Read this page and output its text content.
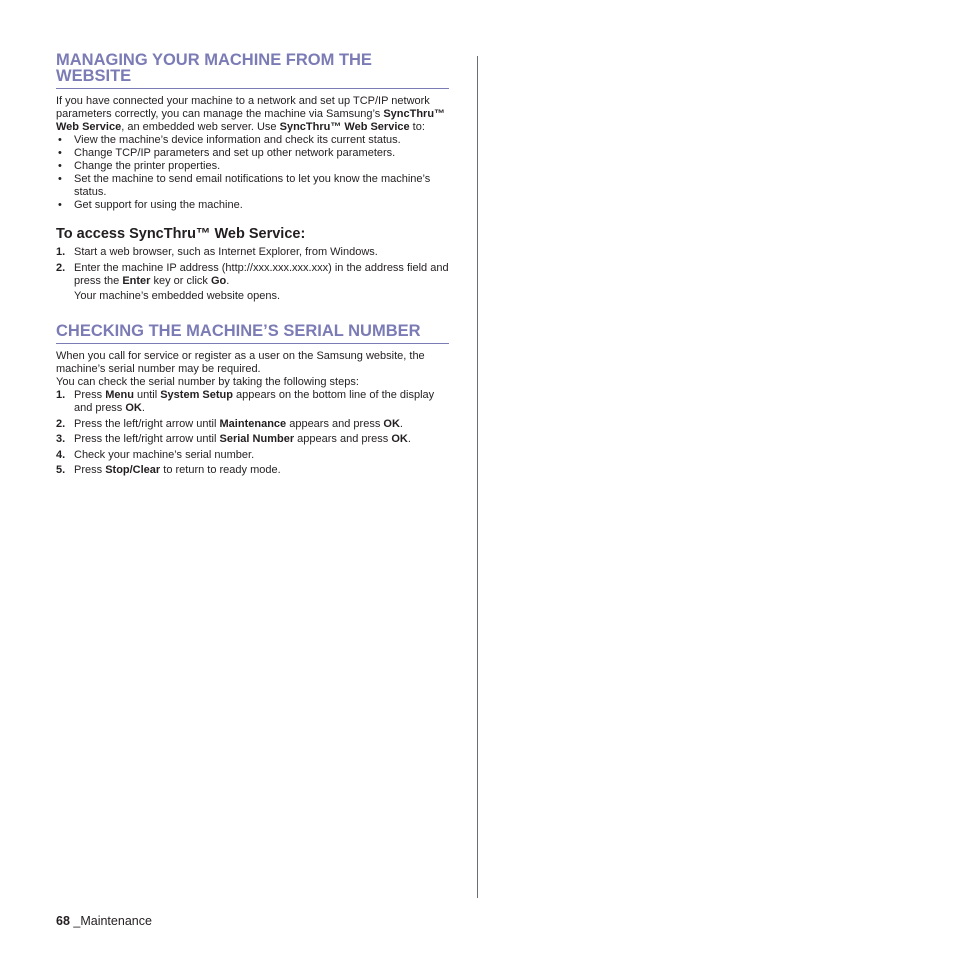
MANAGING YOUR MACHINE FROM THE WEBSITE

If you have connected your machine to a network and set up TCP/IP network parameters correctly, you can manage the machine via Samsung’s SyncThru™ Web Service, an embedded web server. Use SyncThru™ Web Service to:

• View the machine’s device information and check its current status.
• Change TCP/IP parameters and set up other network parameters.
• Change the printer properties.
• Set the machine to send email notifications to let you know the machine’s status.
• Get support for using the machine.
To access SyncThru™ Web Service:
1. Start a web browser, such as Internet Explorer, from Windows.
2. Enter the machine IP address (http://xxx.xxx.xxx.xxx) in the address field and press the Enter key or click Go.

Your machine’s embedded website opens.

CHECKING THE MACHINE’S SERIAL NUMBER

When you call for service or register as a user on the Samsung website, the machine’s serial number may be required.

You can check the serial number by taking the following steps:

1. Press Menu until System Setup appears on the bottom line of the display and press OK.
2. Press the left/right arrow until Maintenance appears and press OK.
3. Press the left/right arrow until Serial Number appears and press OK.
4. Check your machine’s serial number.
5. Press Stop/Clear to return to ready mode.
68 _Maintenance
